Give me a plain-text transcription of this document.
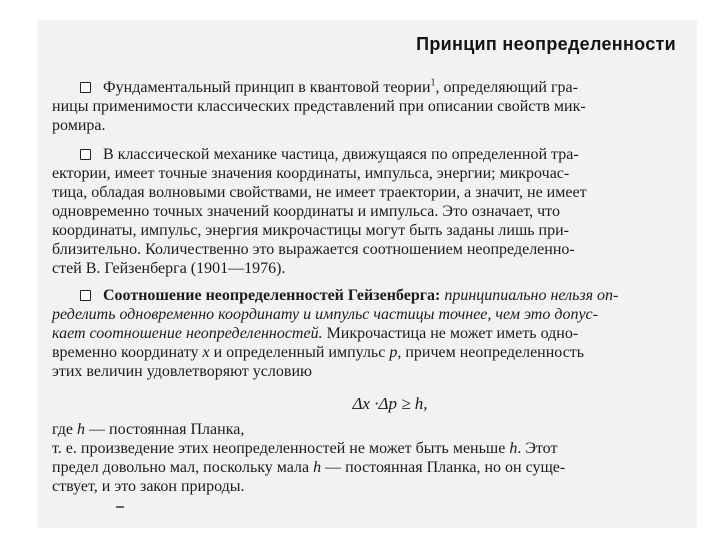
Принцип неопределенности
Фундаментальный принцип в квантовой теории$^1$, определяющий гра-
ницы применимости классических представлений при описании свойств мик-
ромира.
В классической механике частица, движущаяся по определенной тра-
ектории, имеет точные значения координаты, импульса, энергии; микрочас-
тица, обладая волновыми свойствами, не имеет траектории, а значит, не имеет
одновременно точных значений координаты и импульса. Это означает, что
координаты, импульс, энергия микрочастицы могут быть заданы лишь при-
близительно. Количественно это выражается соотношением неопределенно-
стей В. Гейзенберга (1901—1976).
Соотношение неопределенностей Гейзенберга: принципиально нельзя оп-
ределить одновременно координату и импульс частицы точнее, чем это допус-
кает соотношение неопределенностей. Микрочастица не может иметь одно-
временно координату x и определенный импульс p, причем неопределенность
этих величин удовлетворяют условию
Δx ·Δp ≥ h,
где h — постоянная Планка,
т. е. произведение этих неопределенностей не может быть меньше h. Этот
предел довольно мал, поскольку мала h — постоянная Планка, но он суще-
ствует, и это закон природы.
